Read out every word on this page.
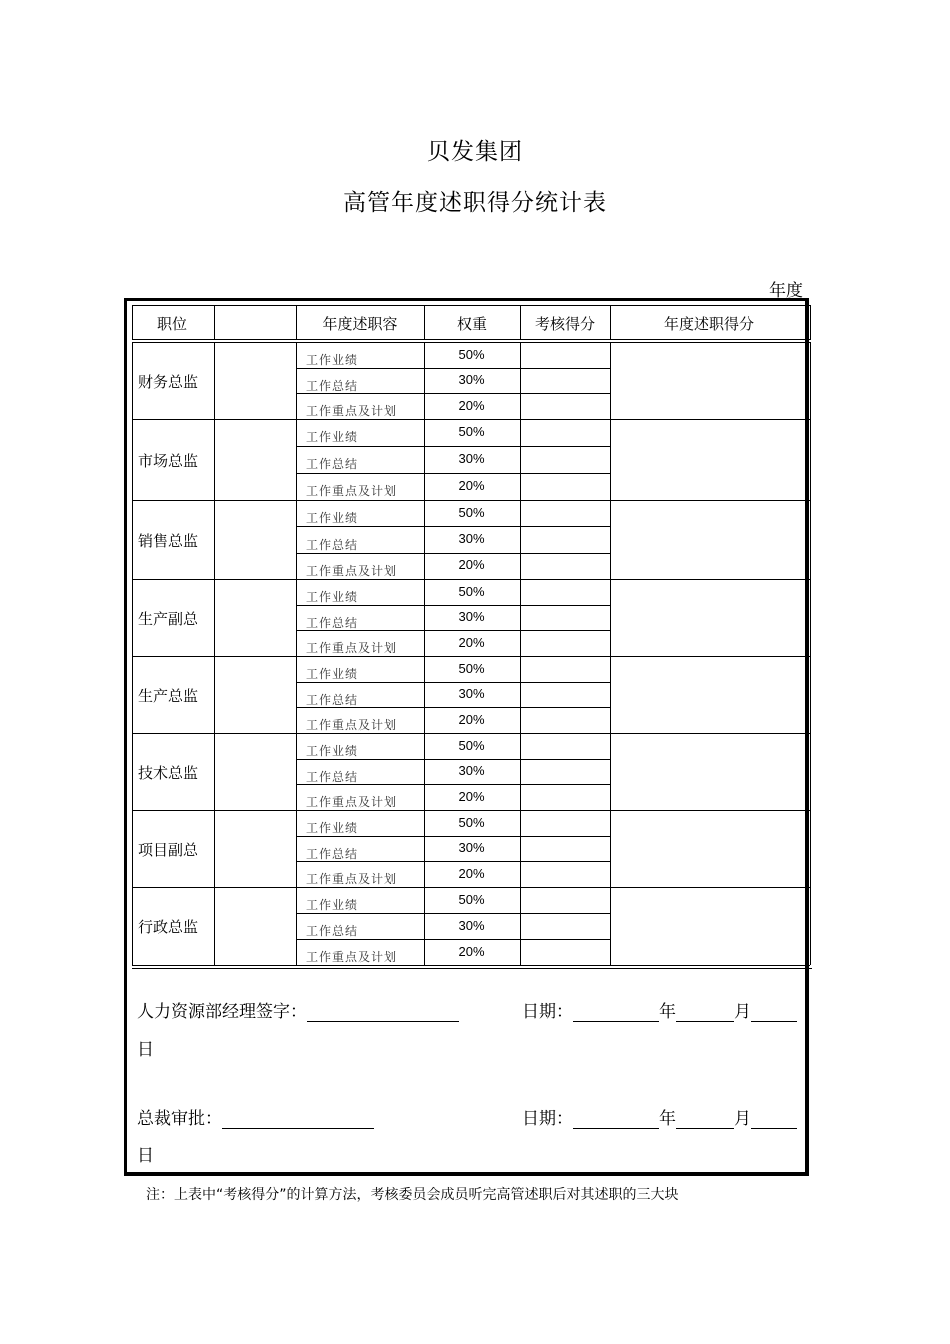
贝发集团
高管年度述职得分统计表
年度
职位	年度述职容	权重	考核得分	年度述职得分
财务总监
工作业绩	50%
工作总结	30%
工作重点及计划	20%
市场总监
工作业绩	50%
工作总结	30%
工作重点及计划	20%
销售总监
工作业绩	50%
工作总结	30%
工作重点及计划	20%
生产副总
工作业绩	50%
工作总结	30%
工作重点及计划	20%
生产总监
工作业绩	50%
工作总结	30%
工作重点及计划	20%
技术总监
工作业绩	50%
工作总结	30%
工作重点及计划	20%
项目副总
工作业绩	50%
工作总结	30%
工作重点及计划	20%
行政总监
工作业绩	50%
工作总结	30%
工作重点及计划	20%
人力资源部经理签字：	日期：	年	月
日
总裁审批：	日期：	年	月
日
注：上表中“考核得分”的计算方法，考核委员会成员听完高管述职后对其述职的三大块
